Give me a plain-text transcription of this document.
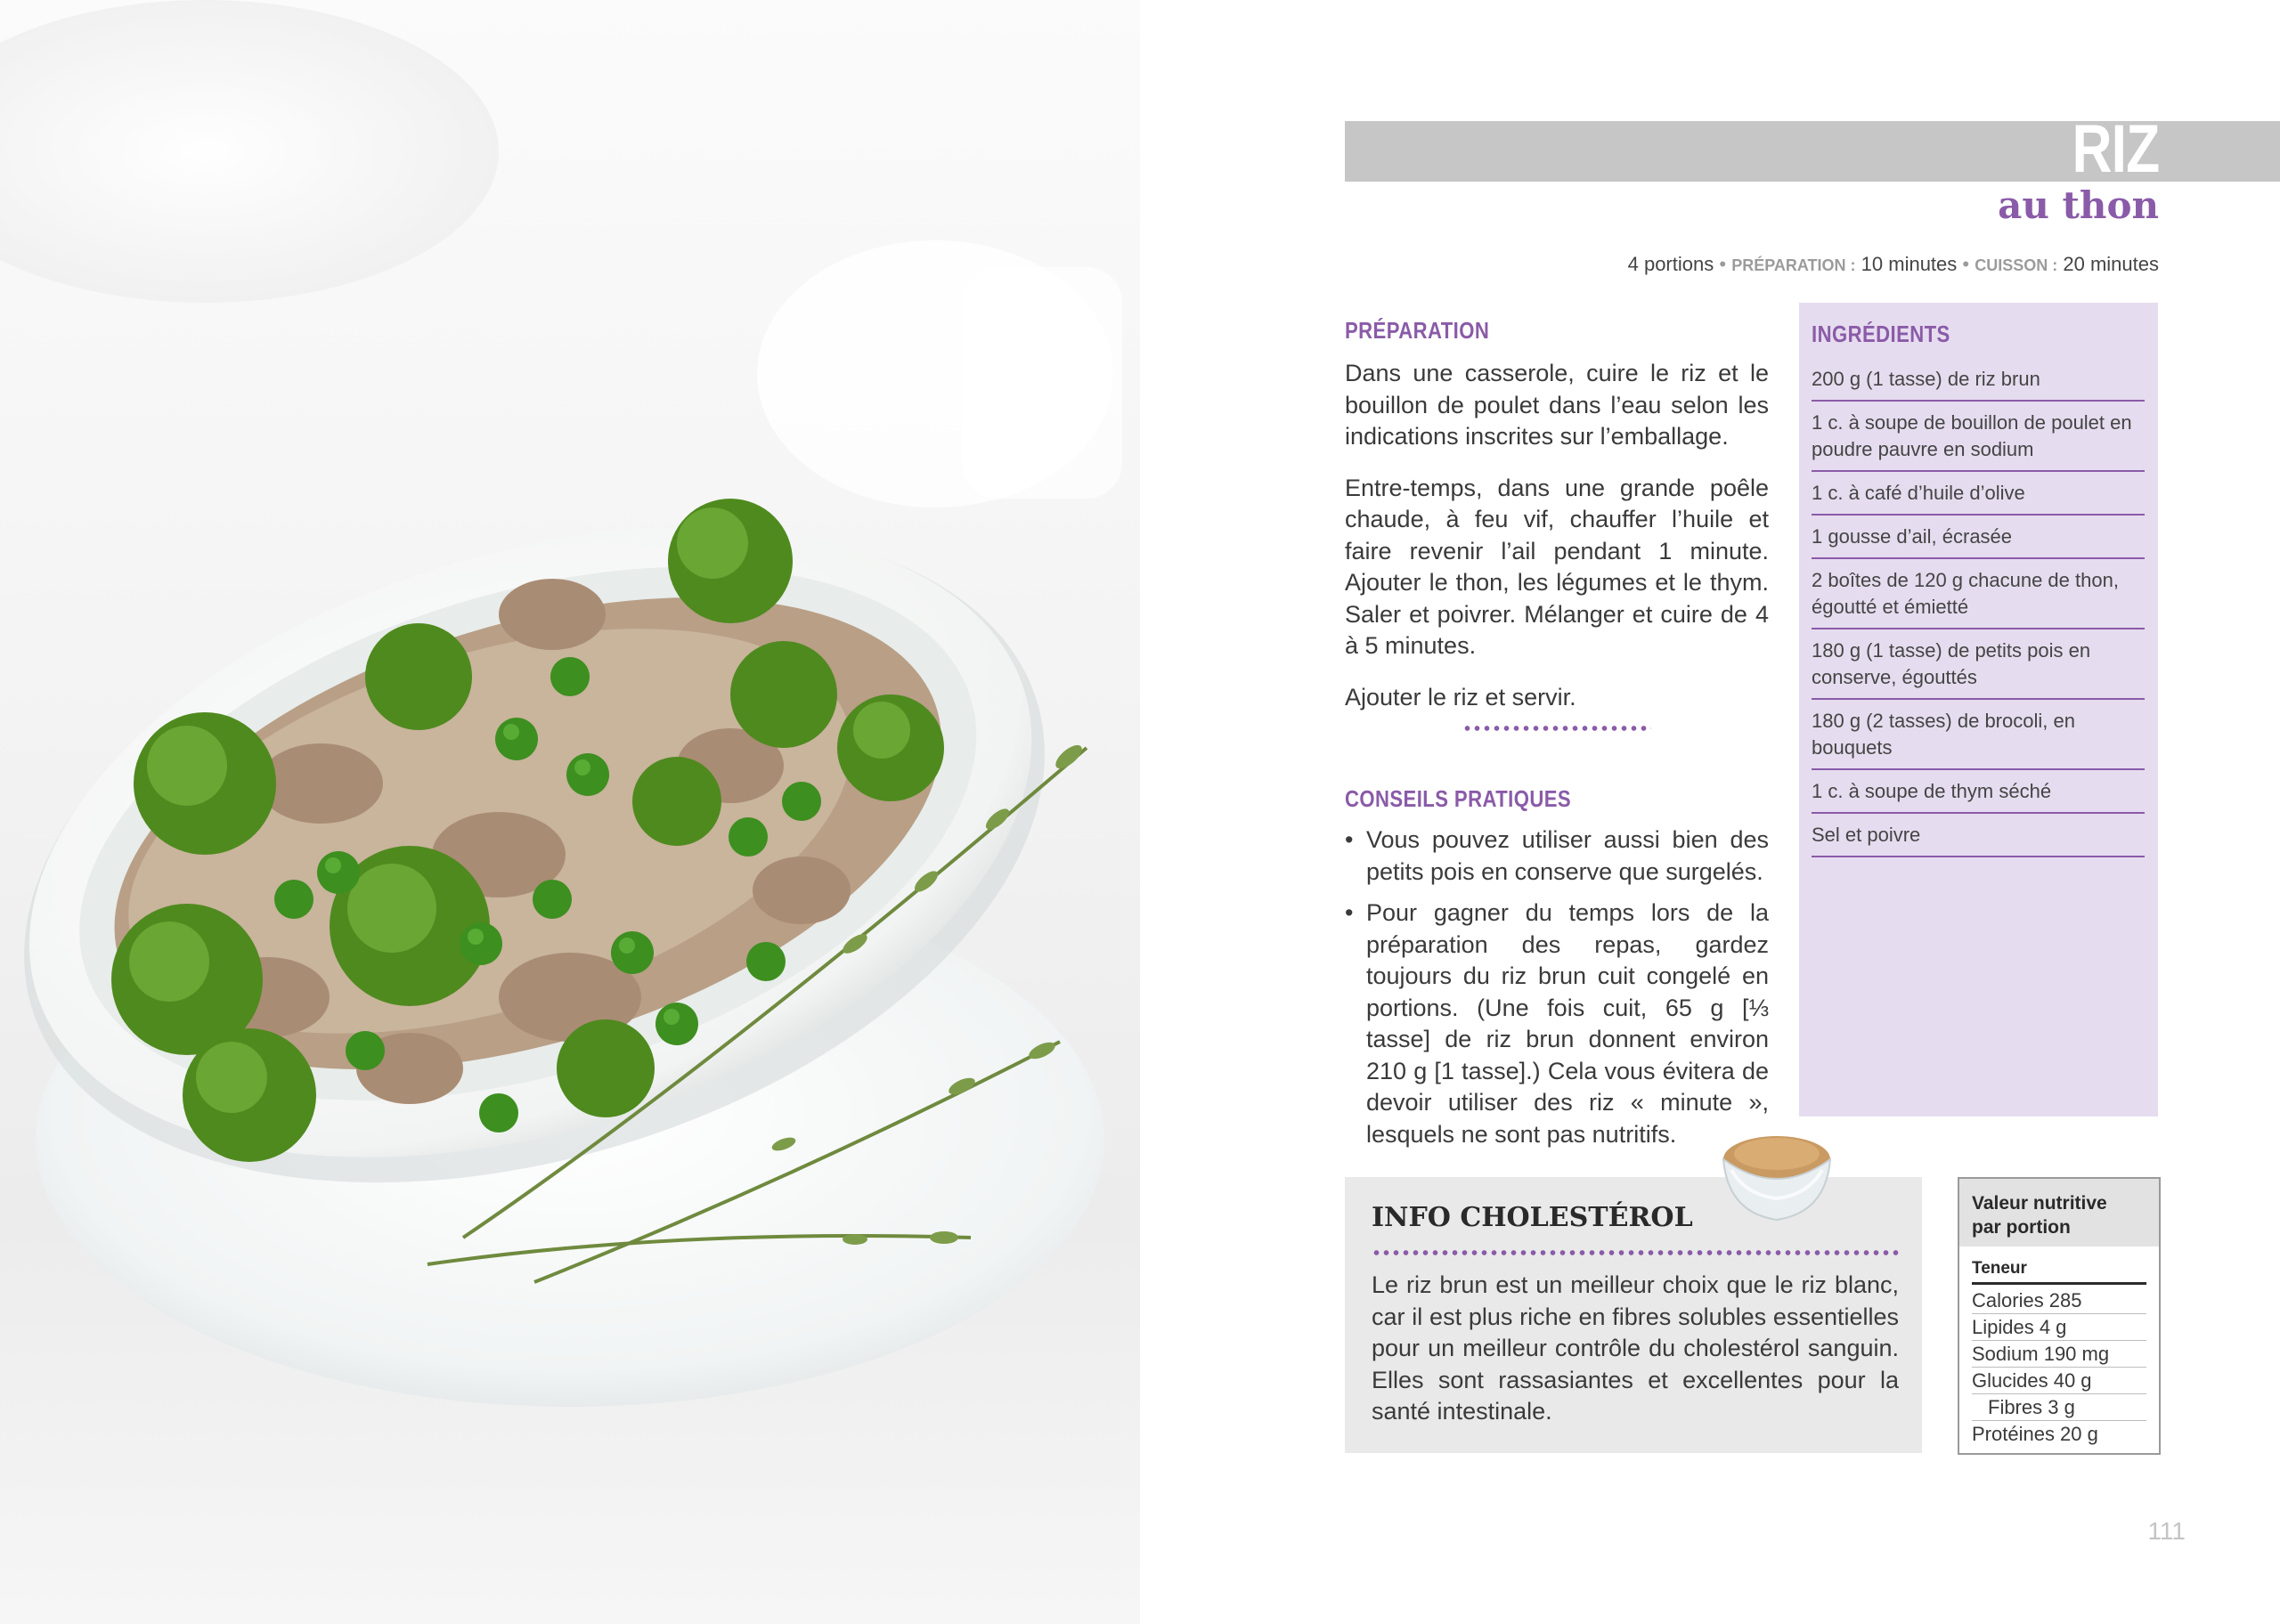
RIZ
au thon
4 portions • PRÉPARATION : 10 minutes • CUISSON : 20 minutes
PRÉPARATION

Dans une casserole, cuire le riz et le bouillon de poulet dans l’eau selon les indications inscrites sur l’emballage.

Entre-temps, dans une grande poêle chaude, à feu vif, chauffer l’huile et faire revenir l’ail pendant 1 minute. Ajouter le thon, les légumes et le thym. Saler et poivrer. Mélanger et cuire de 4 à 5 minutes.

Ajouter le riz et servir.

CONSEILS PRATIQUES
• Vous pouvez utiliser aussi bien des petits pois en conserve que surgelés.
• Pour gagner du temps lors de la préparation des repas, gardez toujours du riz brun cuit congelé en portions. (Une fois cuit, 65 g [⅓ tasse] de riz brun donnent environ 210 g [1 tasse].) Cela vous évitera de devoir utiliser des riz « minute », lesquels ne sont pas nutritifs.
INGRÉDIENTS
200 g (1 tasse) de riz brun
1 c. à soupe de bouillon de poulet en poudre pauvre en sodium
1 c. à café d’huile d’olive
1 gousse d’ail, écrasée
2 boîtes de 120 g chacune de thon, égoutté et émietté
180 g (1 tasse) de petits pois en conserve, égouttés
180 g (2 tasses) de brocoli, en bouquets
1 c. à soupe de thym séché
Sel et poivre
INFO CHOLESTÉROL
Le riz brun est un meilleur choix que le riz blanc, car il est plus riche en fibres solubles essentielles pour un meilleur contrôle du cholestérol sanguin. Elles sont rassasiantes et excellentes pour la santé intestinale.
Valeur nutritive
par portion
Teneur
Calories 285
Lipides 4 g
Sodium 190 mg
Glucides 40 g
Fibres 3 g
Protéines 20 g
111
